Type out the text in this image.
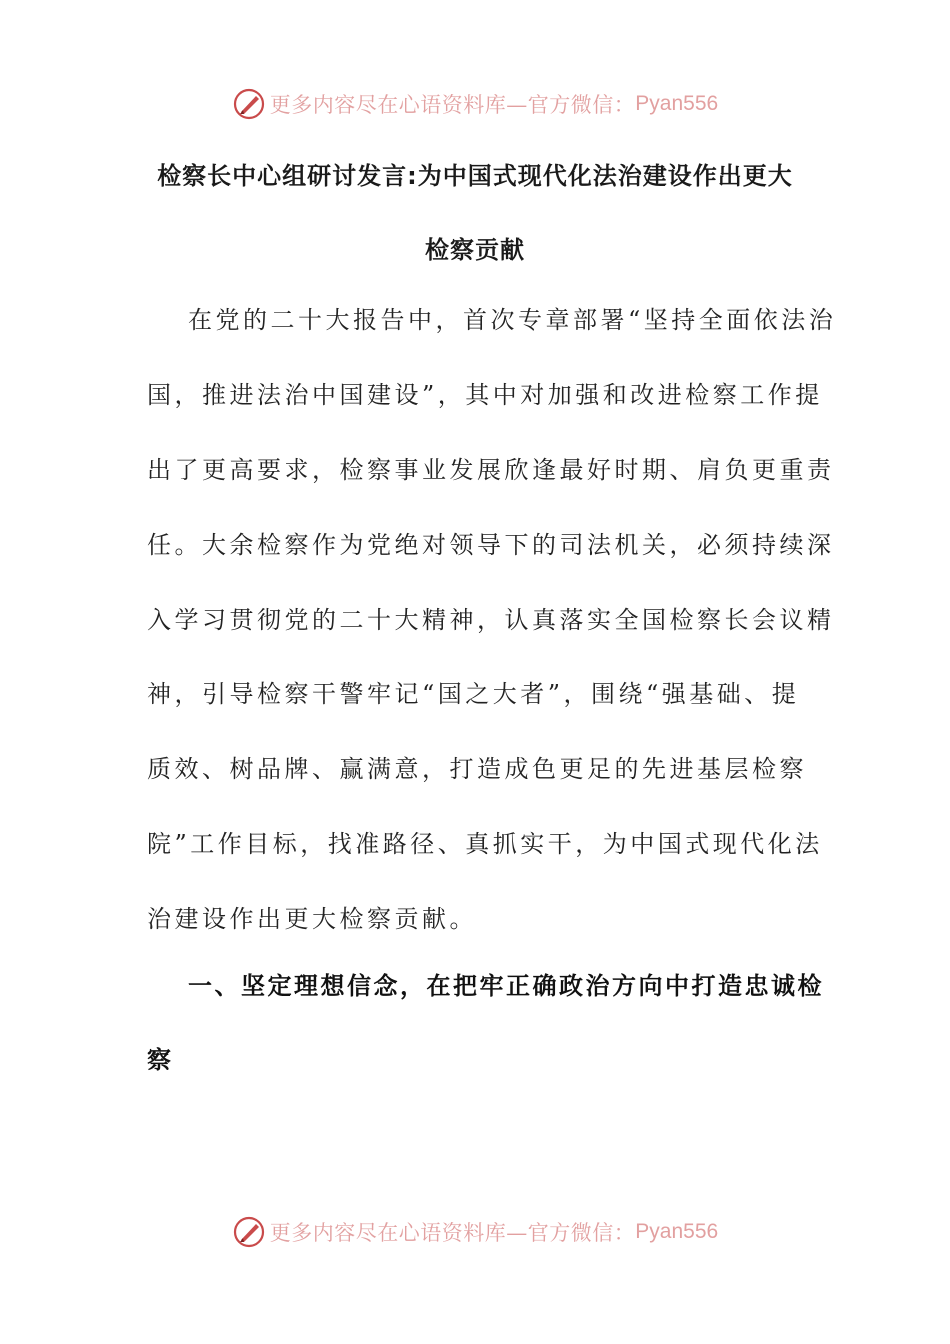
更多内容尽在心语资料库—官方微信： Pyan556
检察长中心组研讨发言:为中国式现代化法治建设作出更大
检察贡献
在党的二十大报告中，首次专章部署“坚持全面依法治
国，推进法治中国建设”，其中对加强和改进检察工作提
出了更高要求，检察事业发展欣逢最好时期、肩负更重责
任。大余检察作为党绝对领导下的司法机关，必须持续深
入学习贯彻党的二十大精神，认真落实全国检察长会议精
神，引导检察干警牢记“国之大者”，围绕“强基础、提
质效、树品牌、赢满意，打造成色更足的先进基层检察
院”工作目标，找准路径、真抓实干，为中国式现代化法
治建设作出更大检察贡献。
一、坚定理想信念，在把牢正确政治方向中打造忠诚检
察
更多内容尽在心语资料库—官方微信： Pyan556
